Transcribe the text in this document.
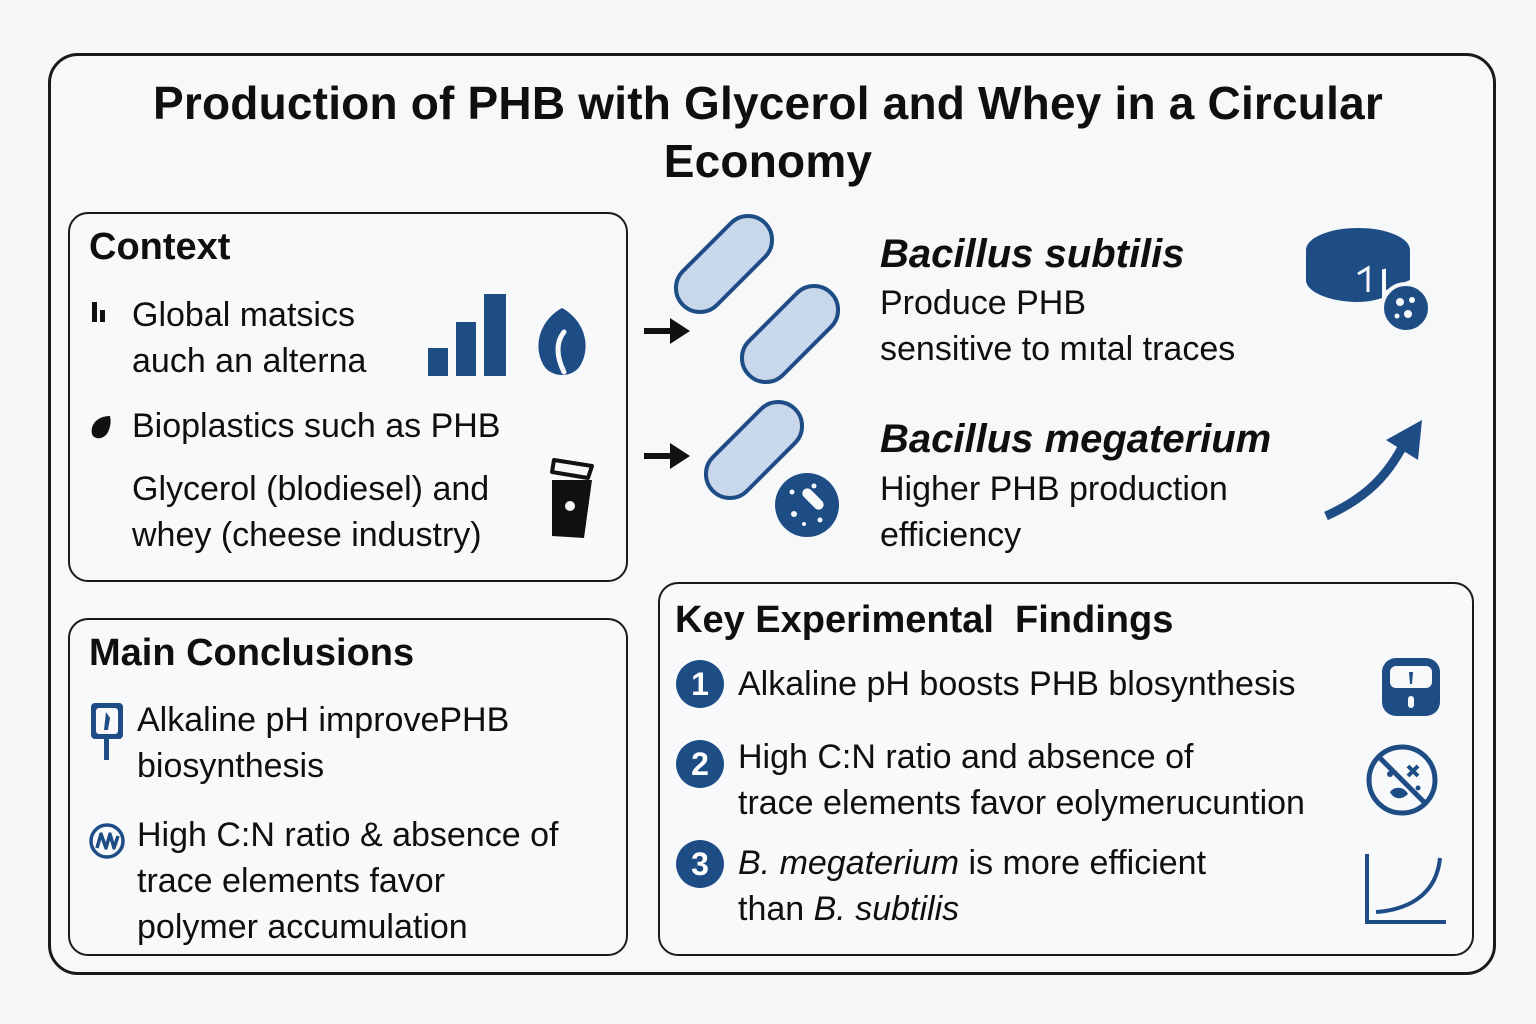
Production of PHB with Glycerol and Whey in a Circular Economy
Context
Global matsics
auch an alterna
Bioplastics such as PHB
Glycerol (blodiesel) and
whey (cheese industry)
Bacillus subtilis
Produce PHB
sensitive to mıtal traces
Bacillus megaterium
Higher PHB production
efficiency
Main Conclusions
Alkaline pH improvePHB
biosynthesis
High C:N ratio & absence of
trace elements favor
polymer accumulation
Key Experimental  Findings
1 Alkaline pH boosts PHB blosynthesis
2 High C:N ratio and absence of
trace elements favor eolymerucuntion
3 B. megaterium is more efficient
than B. subtilis
